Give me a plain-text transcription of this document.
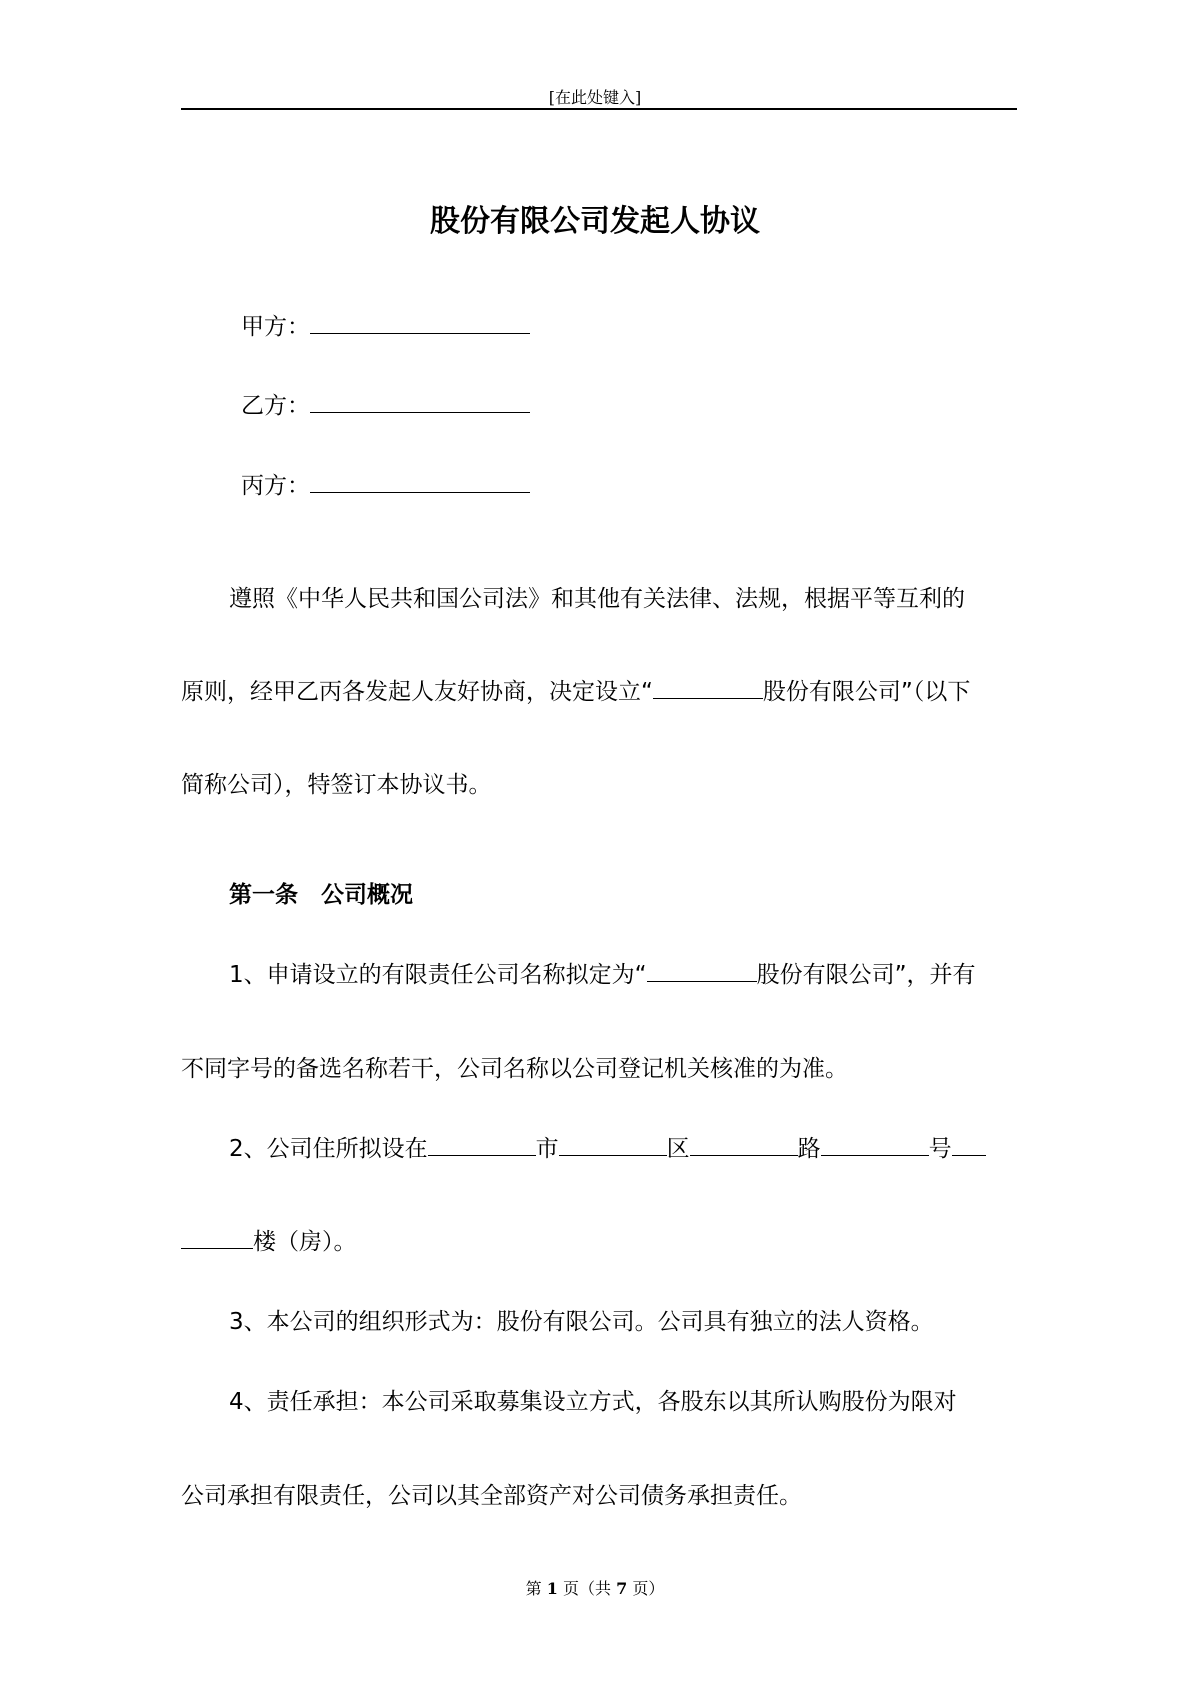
[在此处键入]
股份有限公司发起人协议
甲方：
乙方：
丙方：
遵照《中华人民共和国公司法》和其他有关法律、法规，根据平等互利的
原则，经甲乙丙各发起人友好协商，决定设立“	股份有限公司”（以下
简称公司），特签订本协议书。
第一条　公司概况
1、申请设立的有限责任公司名称拟定为“	股份有限公司”，并有
不同字号的备选名称若干，公司名称以公司登记机关核准的为准。
2、公司住所拟设在	市	区	路	号
楼（房）。
3、本公司的组织形式为：股份有限公司。公司具有独立的法人资格。
4、责任承担：本公司采取募集设立方式，各股东以其所认购股份为限对
公司承担有限责任，公司以其全部资产对公司债务承担责任。
第 1 页（共 7 页）
